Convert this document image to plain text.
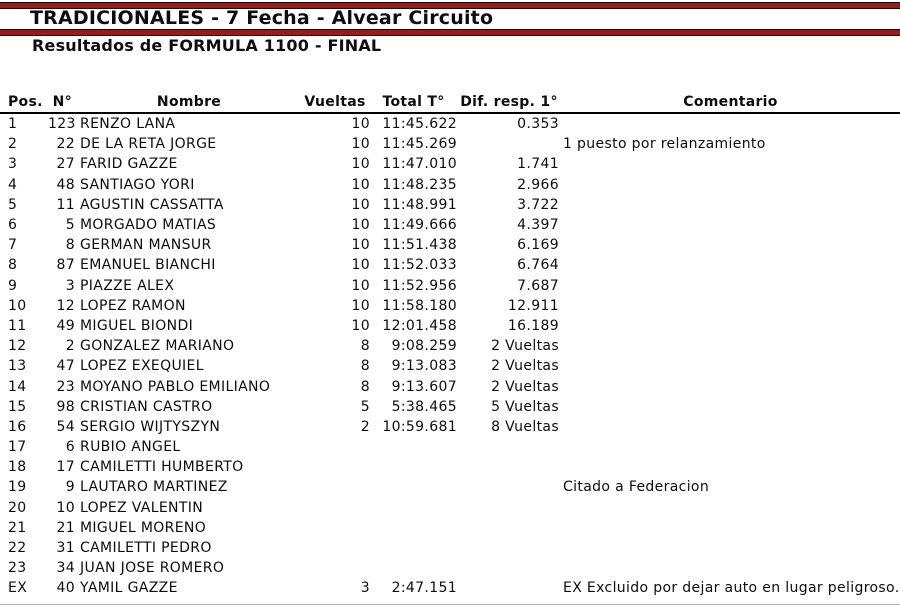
TRADICIONALES - 7 Fecha - Alvear Circuito
Resultados de FORMULA 1100 - FINAL
Pos.	N°	Nombre	Vueltas	Total T°	Dif. resp. 1°	Comentario
1	123	RENZO LANA	10	11:45.622	0.353	
2	22	DE LA RETA JORGE	10	11:45.269		1 puesto por relanzamiento
3	27	FARID GAZZE	10	11:47.010	1.741	
4	48	SANTIAGO YORI	10	11:48.235	2.966	
5	11	AGUSTIN CASSATTA	10	11:48.991	3.722	
6	5	MORGADO MATIAS	10	11:49.666	4.397	
7	8	GERMAN MANSUR	10	11:51.438	6.169	
8	87	EMANUEL BIANCHI	10	11:52.033	6.764	
9	3	PIAZZE ALEX	10	11:52.956	7.687	
10	12	LOPEZ RAMON	10	11:58.180	12.911	
11	49	MIGUEL BIONDI	10	12:01.458	16.189	
12	2	GONZALEZ MARIANO	8	9:08.259	2 Vueltas	
13	47	LOPEZ EXEQUIEL	8	9:13.083	2 Vueltas	
14	23	MOYANO PABLO EMILIANO	8	9:13.607	2 Vueltas	
15	98	CRISTIAN CASTRO	5	5:38.465	5 Vueltas	
16	54	SERGIO WIJTYSZYN	2	10:59.681	8 Vueltas	
17	6	RUBIO ANGEL				
18	17	CAMILETTI HUMBERTO				
19	9	LAUTARO MARTINEZ				Citado a Federacion
20	10	LOPEZ VALENTIN				
21	21	MIGUEL MORENO				
22	31	CAMILETTI PEDRO				
23	34	JUAN JOSE ROMERO				
EX	40	YAMIL GAZZE	3	2:47.151		EX Excluido por dejar auto en lugar peligroso.
